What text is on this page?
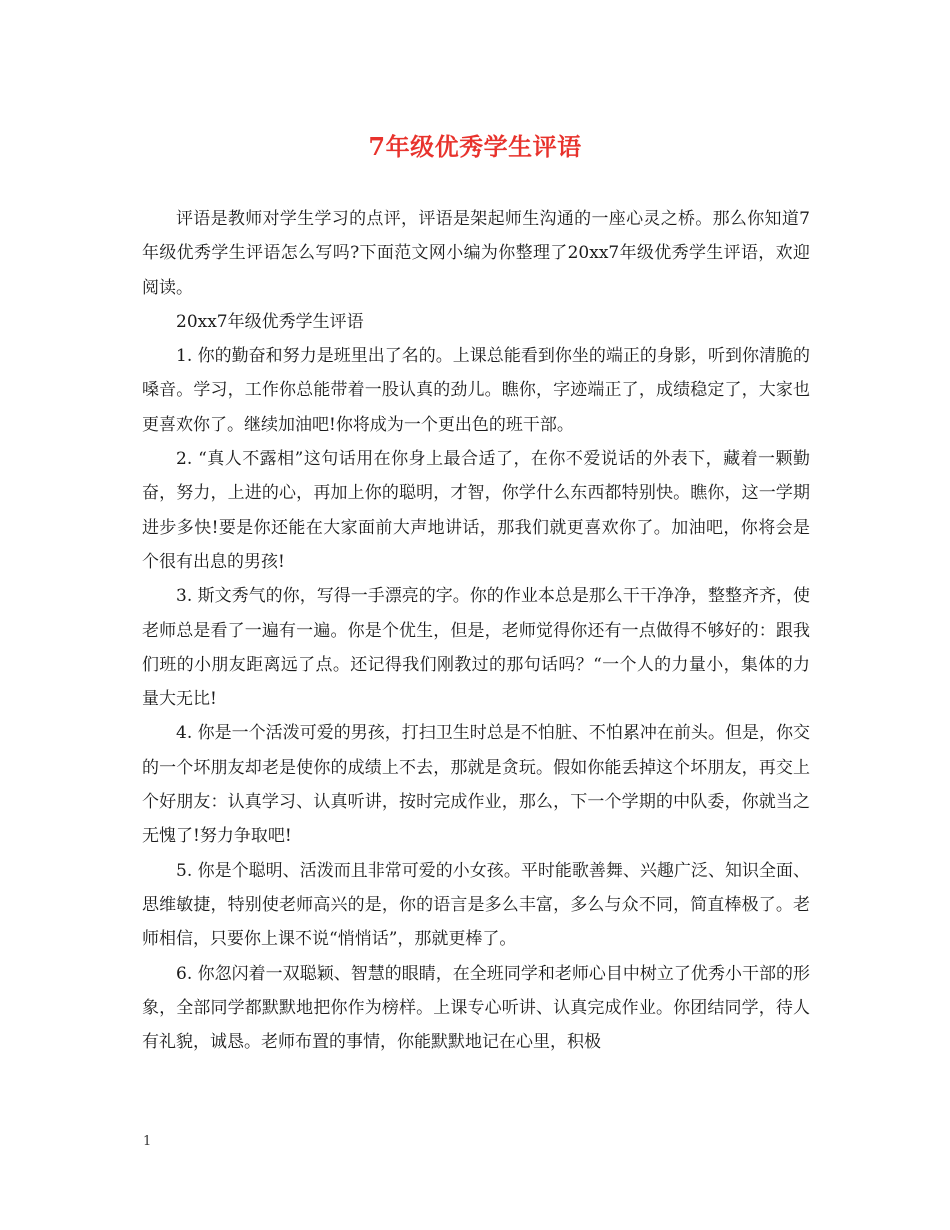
7年级优秀学生评语

评语是教师对学生学习的点评，评语是架起师生沟通的一座心灵之桥。那么你知道7年级优秀学生评语怎么写吗?下面范文网小编为你整理了20xx7年级优秀学生评语，欢迎阅读。

20xx7年级优秀学生评语

1. 你的勤奋和努力是班里出了名的。上课总能看到你坐的端正的身影，听到你清脆的嗓音。学习，工作你总能带着一股认真的劲儿。瞧你，字迹端正了，成绩稳定了，大家也更喜欢你了。继续加油吧!你将成为一个更出色的班干部。

2. “真人不露相”这句话用在你身上最合适了，在你不爱说话的外表下，藏着一颗勤奋，努力，上进的心，再加上你的聪明，才智，你学什么东西都特别快。瞧你，这一学期进步多快!要是你还能在大家面前大声地讲话，那我们就更喜欢你了。加油吧，你将会是个很有出息的男孩!

3. 斯文秀气的你，写得一手漂亮的字。你的作业本总是那么干干净净，整整齐齐，使老师总是看了一遍有一遍。你是个优生，但是，老师觉得你还有一点做得不够好的：跟我们班的小朋友距离远了点。还记得我们刚教过的那句话吗？“一个人的力量小，集体的力量大无比!

4. 你是一个活泼可爱的男孩，打扫卫生时总是不怕脏、不怕累冲在前头。但是，你交的一个坏朋友却老是使你的成绩上不去，那就是贪玩。假如你能丢掉这个坏朋友，再交上个好朋友：认真学习、认真听讲，按时完成作业，那么，下一个学期的中队委，你就当之无愧了!努力争取吧!

5. 你是个聪明、活泼而且非常可爱的小女孩。平时能歌善舞、兴趣广泛、知识全面、思维敏捷，特别使老师高兴的是，你的语言是多么丰富，多么与众不同，简直棒极了。老师相信，只要你上课不说“悄悄话”，那就更棒了。

6. 你忽闪着一双聪颖、智慧的眼睛，在全班同学和老师心目中树立了优秀小干部的形象，全部同学都默默地把你作为榜样。上课专心听讲、认真完成作业。你团结同学，待人有礼貌，诚恳。老师布置的事情，你能默默地记在心里，积极

1
